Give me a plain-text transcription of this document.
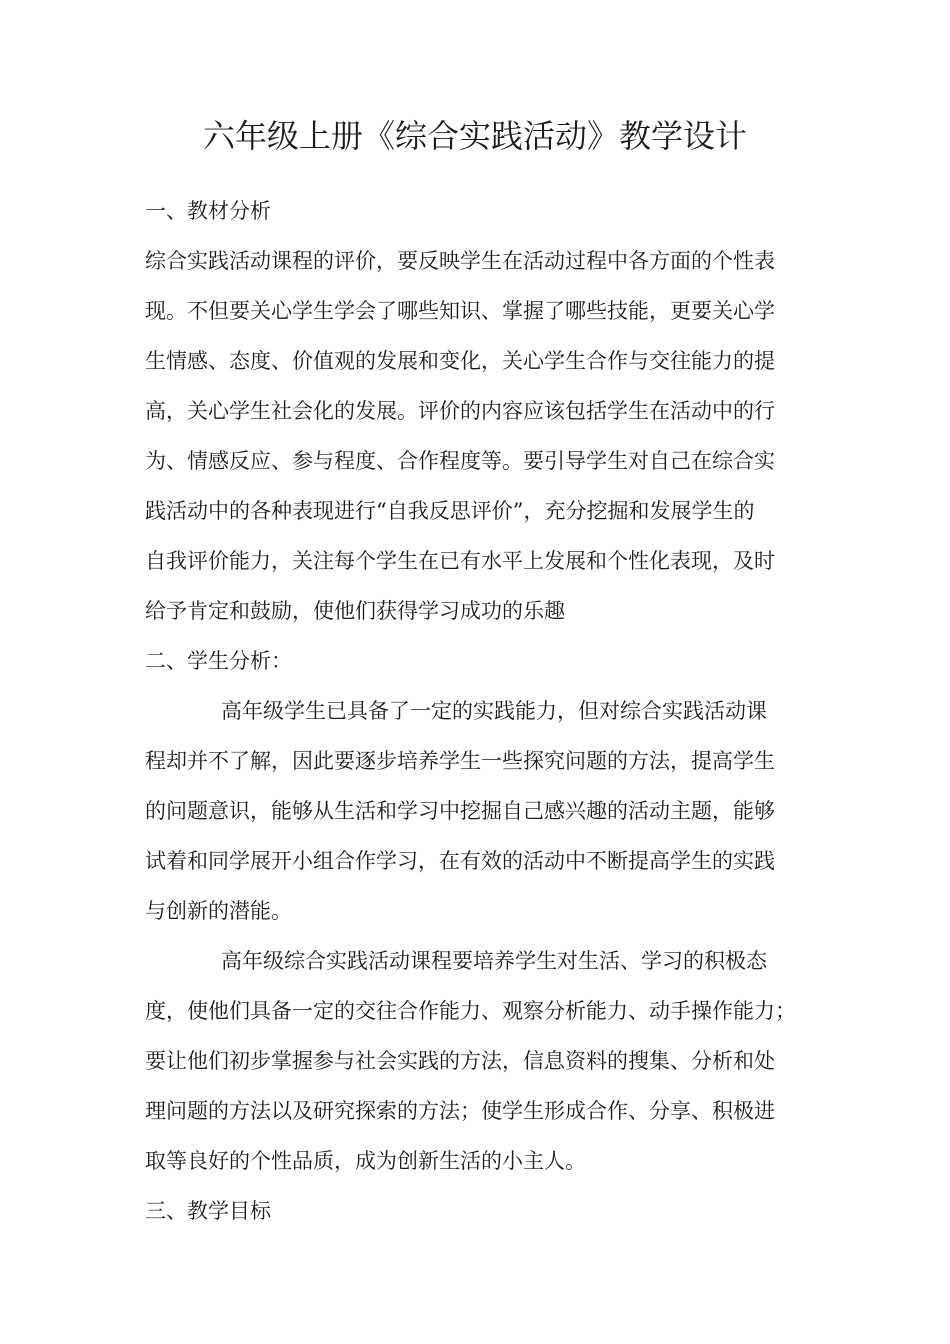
六年级上册《综合实践活动》教学设计

一、教材分析

综合实践活动课程的评价，要反映学生在活动过程中各方面的个性表

现。不但要关心学生学会了哪些知识、掌握了哪些技能，更要关心学

生情感、态度、价值观的发展和变化，关心学生合作与交往能力的提

高，关心学生社会化的发展。评价的内容应该包括学生在活动中的行

为、情感反应、参与程度、合作程度等。要引导学生对自己在综合实

践活动中的各种表现进行“自我反思评价”，充分挖掘和发展学生的

自我评价能力，关注每个学生在已有水平上发展和个性化表现，及时

给予肯定和鼓励，使他们获得学习成功的乐趣

二、学生分析：

高年级学生已具备了一定的实践能力，但对综合实践活动课

程却并不了解，因此要逐步培养学生一些探究问题的方法，提高学生

的问题意识，能够从生活和学习中挖掘自己感兴趣的活动主题，能够

试着和同学展开小组合作学习，在有效的活动中不断提高学生的实践

与创新的潜能。

高年级综合实践活动课程要培养学生对生活、学习的积极态

度，使他们具备一定的交往合作能力、观察分析能力、动手操作能力；

要让他们初步掌握参与社会实践的方法，信息资料的搜集、分析和处

理问题的方法以及研究探索的方法；使学生形成合作、分享、积极进

取等良好的个性品质，成为创新生活的小主人。

三、教学目标
